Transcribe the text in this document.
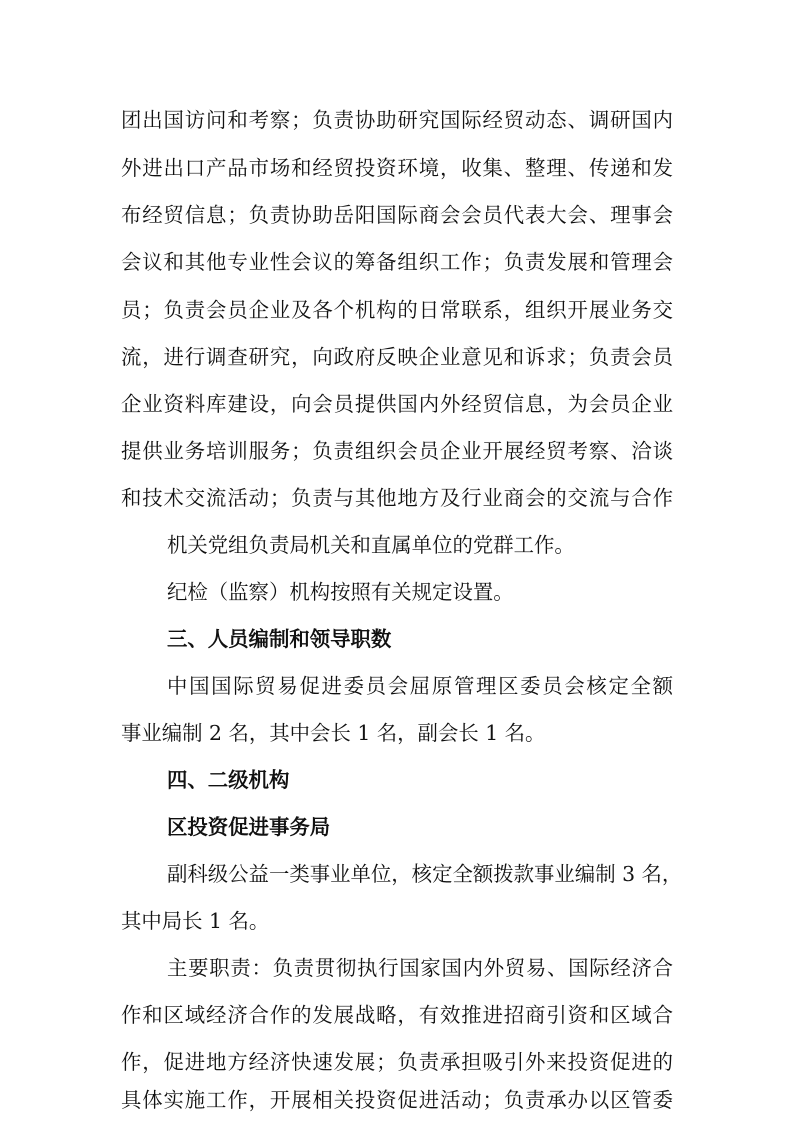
团出国访问和考察；负责协助研究国际经贸动态、调研国内
外进出口产品市场和经贸投资环境，收集、整理、传递和发
布经贸信息；负责协助岳阳国际商会会员代表大会、理事会
会议和其他专业性会议的筹备组织工作；负责发展和管理会
员；负责会员企业及各个机构的日常联系，组织开展业务交
流，进行调查研究，向政府反映企业意见和诉求；负责会员
企业资料库建设，向会员提供国内外经贸信息，为会员企业
提供业务培训服务；负责组织会员企业开展经贸考察、洽谈
和技术交流活动；负责与其他地方及行业商会的交流与合作
机关党组负责局机关和直属单位的党群工作。
纪检（监察）机构按照有关规定设置。
三、人员编制和领导职数
中国国际贸易促进委员会屈原管理区委员会核定全额
事业编制 2 名，其中会长 1 名，副会长 1 名。
四、二级机构
区投资促进事务局
副科级公益一类事业单位，核定全额拨款事业编制 3 名，
其中局长 1 名。
主要职责：负责贯彻执行国家国内外贸易、国际经济合
作和区域经济合作的发展战略，有效推进招商引资和区域合
作，促进地方经济快速发展；负责承担吸引外来投资促进的
具体实施工作，开展相关投资促进活动；负责承办以区管委
